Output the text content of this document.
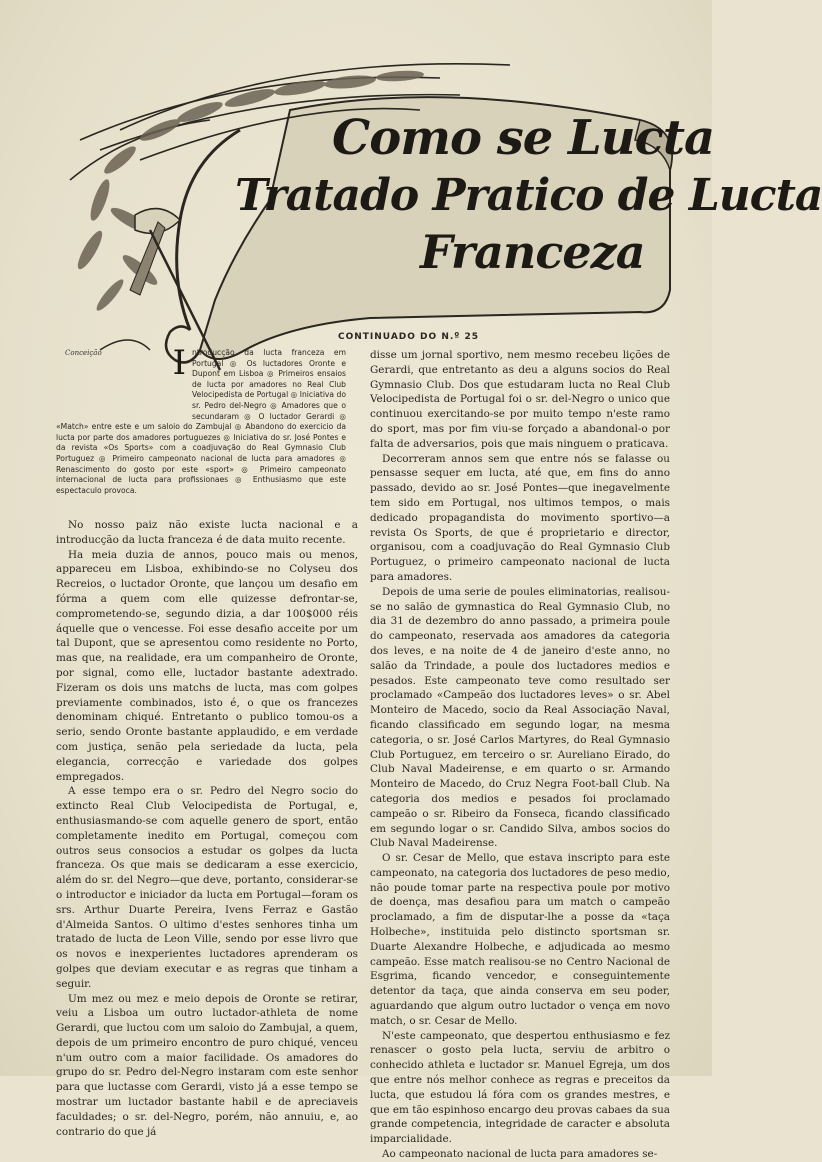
Como se Lucta
Tratado Pratico de Lucta
Franceza
CONTINUADO DO N.º 25
Conceição	I ntroducção da lucta franceza em Portugal ◎ Os luctadores Oronte e Dupont em Lisboa ◎ Primeiros ensaios de lucta por amadores no Real Club Velocipedista de Portugal ◎ Iniciativa do sr. Pedro del-Negro ◎ Amadores que o secundaram ◎ O luctador Gerardi ◎ «Match» entre este e um saloio do Zambujal ◎ Abandono do exercicio da lucta por parte dos amadores portuguezes ◎ Iniciativa do sr. José Pontes e da revista «Os Sports» com a coadjuvação do Real Gymnasio Club Portuguez ◎ Primeiro campeonato nacional de lucta para amadores ◎ Renascimento do gosto por este «sport» ◎ Primeiro campeonato internacional de lucta para profissionaes ◎ Enthusiasmo que este espectaculo provoca.

No nosso paiz não existe lucta nacional e a introducção da lucta franceza é de data muito recente.

Ha meia duzia de annos, pouco mais ou menos, appareceu em Lisboa, exhibindo-se no Colyseu dos Recreios, o luctador Oronte, que lançou um desafio em fórma a quem com elle quizesse defrontar-se, comprometendo-se, segundo dizia, a dar 100$000 réis áquelle que o vencesse. Foi esse desafio acceite por um tal Dupont, que se apresentou como residente no Porto, mas que, na realidade, era um companheiro de Oronte, por signal, como elle, luctador bastante adextrado. Fizeram os dois uns matchs de lucta, mas com golpes previamente combinados, isto é, o que os francezes denominam chiqué. Entretanto o publico tomou-os a serio, sendo Oronte bastante applaudido, e em verdade com justiça, senão pela seriedade da lucta, pela elegancia, correcção e variedade dos golpes empregados.

A esse tempo era o sr. Pedro del Negro socio do extincto Real Club Velocipedista de Portugal, e, enthusiasmando-se com aquelle genero de sport, então completamente inedito em Portugal, começou com outros seus consocios a estudar os golpes da lucta franceza. Os que mais se dedicaram a esse exercicio, além do sr. del Negro—que deve, portanto, considerar-se o introductor e iniciador da lucta em Portugal—foram os srs. Arthur Duarte Pereira, Ivens Ferraz e Gastão d'Almeida Santos. O ultimo d'estes senhores tinha um tratado de lucta de Leon Ville, sendo por esse livro que os novos e inexperientes luctadores aprenderam os golpes que deviam executar e as regras que tinham a seguir.

Um mez ou mez e meio depois de Oronte se retirar, veiu a Lisboa um outro luctador-athleta de nome Gerardi, que luctou com um saloio do Zambujal, a quem, depois de um primeiro encontro de puro chiqué, venceu n'um outro com a maior facilidade. Os amadores do grupo do sr. Pedro del-Negro instaram com este senhor para que luctasse com Gerardi, visto já a esse tempo se mostrar um luctador bastante habil e de apreciaveis faculdades; o sr. del-Negro, porém, não annuiu, e, ao contrario do que já

disse um jornal sportivo, nem mesmo recebeu lições de Gerardi, que entretanto as deu a alguns socios do Real Gymnasio Club. Dos que estudaram lucta no Real Club Velocipedista de Portugal foi o sr. del-Negro o unico que continuou exercitando-se por muito tempo n'este ramo do sport, mas por fim viu-se forçado a abandonal-o por falta de adversarios, pois que mais ninguem o praticava.

Decorreram annos sem que entre nós se falasse ou pensasse sequer em lucta, até que, em fins do anno passado, devido ao sr. José Pontes—que inegavelmente tem sido em Portugal, nos ultimos tempos, o mais dedicado propagandista do movimento sportivo—a revista Os Sports, de que é proprietario e director, organisou, com a coadjuvação do Real Gymnasio Club Portuguez, o primeiro campeonato nacional de lucta para amadores.

Depois de uma serie de poules eliminatorias, realisou-se no salão de gymnastica do Real Gymnasio Club, no dia 31 de dezembro do anno passado, a primeira poule do campeonato, reservada aos amadores da categoria dos leves, e na noite de 4 de janeiro d'este anno, no salão da Trindade, a poule dos luctadores medios e pesados. Este campeonato teve como resultado ser proclamado «Campeão dos luctadores leves» o sr. Abel Monteiro de Macedo, socio da Real Associação Naval, ficando classificado em segundo logar, na mesma categoria, o sr. José Carlos Martyres, do Real Gymnasio Club Portuguez, em terceiro o sr. Aureliano Eirado, do Club Naval Madeirense, e em quarto o sr. Armando Monteiro de Macedo, do Cruz Negra Foot-ball Club. Na categoria dos medios e pesados foi proclamado campeão o sr. Ribeiro da Fonseca, ficando classificado em segundo logar o sr. Candido Silva, ambos socios do Club Naval Madeirense.

O sr. Cesar de Mello, que estava inscripto para este campeonato, na categoria dos luctadores de peso medio, não poude tomar parte na respectiva poule por motivo de doença, mas desafiou para um match o campeão proclamado, a fim de disputar-lhe a posse da «taça Holbeche», instituida pelo distincto sportsman sr. Duarte Alexandre Holbeche, e adjudicada ao mesmo campeão. Esse match realisou-se no Centro Nacional de Esgrima, ficando vencedor, e conseguintemente detentor da taça, que ainda conserva em seu poder, aguardando que algum outro luctador o vença em novo match, o sr. Cesar de Mello.

N'este campeonato, que despertou enthusiasmo e fez renascer o gosto pela lucta, serviu de arbitro o conhecido athleta e luctador sr. Manuel Egreja, um dos que entre nós melhor conhece as regras e preceitos da lucta, que estudou lá fóra com os grandes mestres, e que em tão espinhoso encargo deu provas cabaes da sua grande competencia, integridade de caracter e absoluta imparcialidade.

Ao campeonato nacional de lucta para amadores se-
